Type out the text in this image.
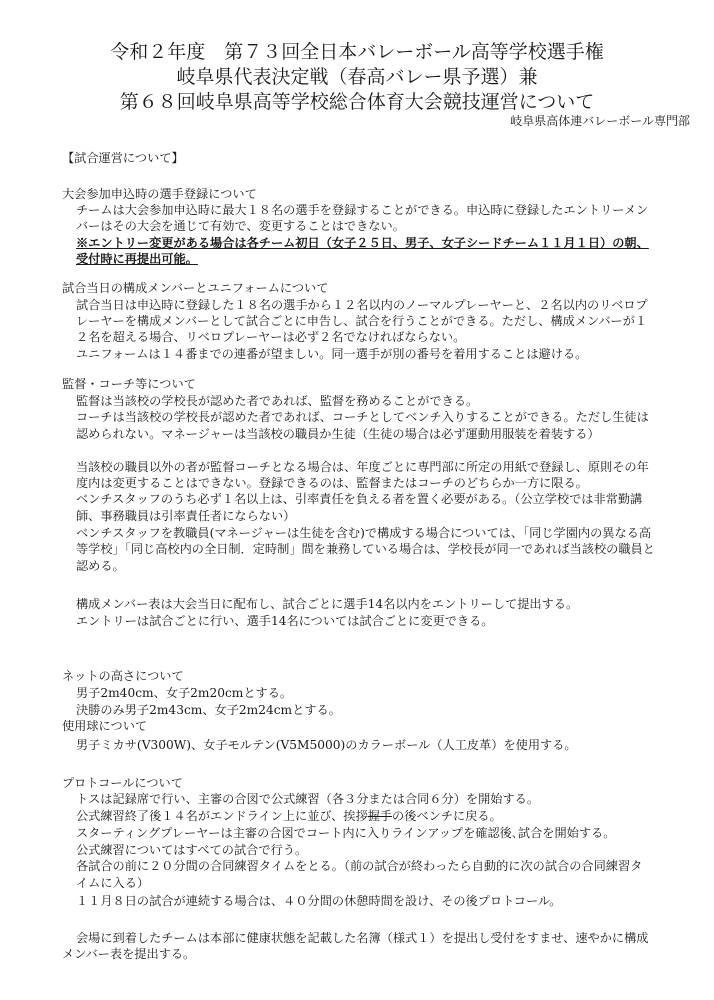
令和２年度　第７３回全日本バレーボール高等学校選手権
岐阜県代表決定戦（春高バレー県予選）兼
第６８回岐阜県高等学校総合体育大会競技運営について
岐阜県高体連バレーボール専門部
【試合運営について】
大会参加申込時の選手登録について
チームは大会参加申込時に最大１８名の選手を登録することができる。申込時に登録したエントリーメン
バーはその大会を通じて有効で、変更することはできない。
※エントリー変更がある場合は各チーム初日（女子２５日、男子、女子シードチーム１１月１日）の朝、
受付時に再提出可能。
試合当日の構成メンバーとユニフォームについて
試合当日は申込時に登録した１８名の選手から１２名以内のノーマルプレーヤーと、２名以内のリベロプ
レーヤーを構成メンバーとして試合ごとに申告し、試合を行うことができる。ただし、構成メンバーが１
２名を超える場合、リベロプレーヤーは必ず２名でなければならない。
ユニフォームは１４番までの連番が望ましい。同一選手が別の番号を着用することは避ける。
監督・コーチ等について
監督は当該校の学校長が認めた者であれば、監督を務めることができる。
コーチは当該校の学校長が認めた者であれば、コーチとしてベンチ入りすることができる。ただし生徒は
認められない。マネージャーは当該校の職員か生徒（生徒の場合は必ず運動用服装を着装する）
当該校の職員以外の者が監督コーチとなる場合は、年度ごとに専門部に所定の用紙で登録し、原則その年
度内は変更することはできない。登録できるのは、監督またはコーチのどちらか一方に限る。
ベンチスタッフのうち必ず１名以上は、引率責任を負える者を置く必要がある。（公立学校では非常勤講
師、事務職員は引率責任者にならない）
ベンチスタッフを教職員(マネージャーは生徒を含む)で構成する場合については、「同じ学園内の異なる高
等学校」「同じ高校内の全日制．定時制」間を兼務している場合は、学校長が同一であれば当該校の職員と
認める。
構成メンバー表は大会当日に配布し、試合ごとに選手14名以内をエントリーして提出する。
エントリーは試合ごとに行い、選手14名については試合ごとに変更できる。
ネットの高さについて
男子2m40cm、女子2m20cmとする。
決勝のみ男子2m43cm、女子2m24cmとする。
使用球について
男子ミカサ(V300W)、女子モルテン(V5M5000)のカラーボール（人工皮革）を使用する。
プロトコールについて
トスは記録席で行い、主審の合図で公式練習（各３分または合同６分）を開始する。
公式練習終了後１４名がエンドライン上に並び、挨拶握手の後ベンチに戻る。
スターティングプレーヤーは主審の合図でコート内に入りラインアップを確認後､試合を開始する。
公式練習についてはすべての試合で行う。
各試合の前に２０分間の合同練習タイムをとる。（前の試合が終わったら自動的に次の試合の合同練習タ
イムに入る）
１１月８日の試合が連続する場合は、４０分間の休憩時間を設け、その後プロトコール。
会場に到着したチームは本部に健康状態を記載した名簿（様式１）を提出し受付をすませ、速やかに構成
メンバー表を提出する。
